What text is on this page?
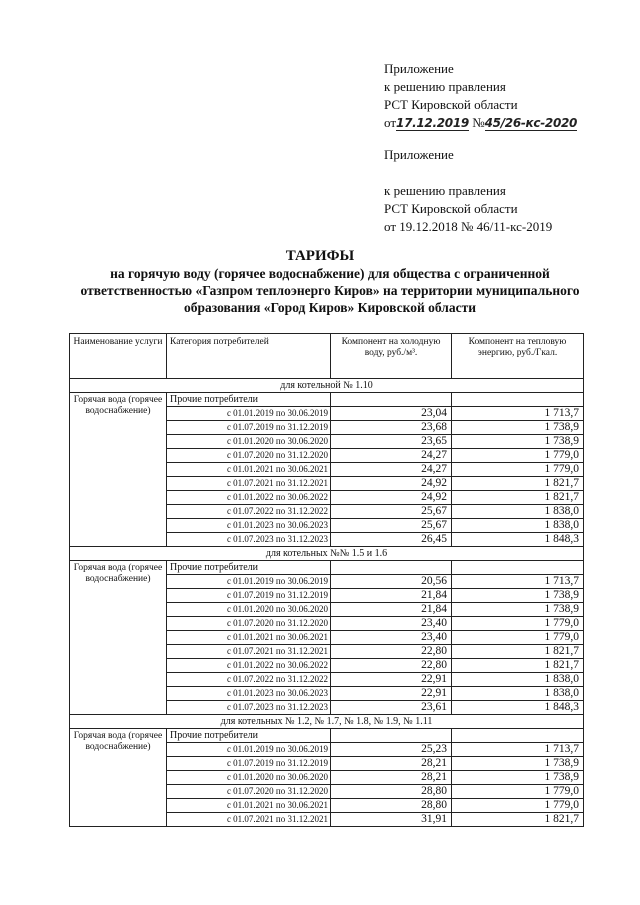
Приложение
к решению правления
РСТ Кировской области
от17.12.2019 №45/26-кс-2020
Приложение
к решению правления
РСТ Кировской области
от 19.12.2018 № 46/11-кс-2019
ТАРИФЫ
на горячую воду (горячее водоснабжение) для общества с ограниченной ответственностью «Газпром теплоэнерго Киров» на территории муниципального образования «Город Киров» Кировской области
Наименование услуги	Категория потребителей	Компонент на холодную воду, руб./м³.	Компонент на тепловую энергию, руб./Гкал.
для котельной № 1.10			
Горячая вода (горячее водоснабжение)	Прочие потребители		
	с 01.01.2019 по 30.06.2019	23,04	1 713,7
	с 01.07.2019 по 31.12.2019	23,68	1 738,9
	с 01.01.2020 по 30.06.2020	23,65	1 738,9
	с 01.07.2020 по 31.12.2020	24,27	1 779,0
	с 01.01.2021 по 30.06.2021	24,27	1 779,0
	с 01.07.2021 по 31.12.2021	24,92	1 821,7
	с 01.01.2022 по 30.06.2022	24,92	1 821,7
	с 01.07.2022 по 31.12.2022	25,67	1 838,0
	с 01.01.2023 по 30.06.2023	25,67	1 838,0
	с 01.07.2023 по 31.12.2023	26,45	1 848,3
для котельных №№ 1.5 и 1.6			
Горячая вода (горячее водоснабжение)	Прочие потребители		
	с 01.01.2019 по 30.06.2019	20,56	1 713,7
	с 01.07.2019 по 31.12.2019	21,84	1 738,9
	с 01.01.2020 по 30.06.2020	21,84	1 738,9
	с 01.07.2020 по 31.12.2020	23,40	1 779,0
	с 01.01.2021 по 30.06.2021	23,40	1 779,0
	с 01.07.2021 по 31.12.2021	22,80	1 821,7
	с 01.01.2022 по 30.06.2022	22,80	1 821,7
	с 01.07.2022 по 31.12.2022	22,91	1 838,0
	с 01.01.2023 по 30.06.2023	22,91	1 838,0
	с 01.07.2023 по 31.12.2023	23,61	1 848,3
для котельных № 1.2, № 1.7, № 1.8, № 1.9, № 1.11			
Горячая вода (горячее водоснабжение)	Прочие потребители		
	с 01.01.2019 по 30.06.2019	25,23	1 713,7
	с 01.07.2019 по 31.12.2019	28,21	1 738,9
	с 01.01.2020 по 30.06.2020	28,21	1 738,9
	с 01.07.2020 по 31.12.2020	28,80	1 779,0
	с 01.01.2021 по 30.06.2021	28,80	1 779,0
	с 01.07.2021 по 31.12.2021	31,91	1 821,7
